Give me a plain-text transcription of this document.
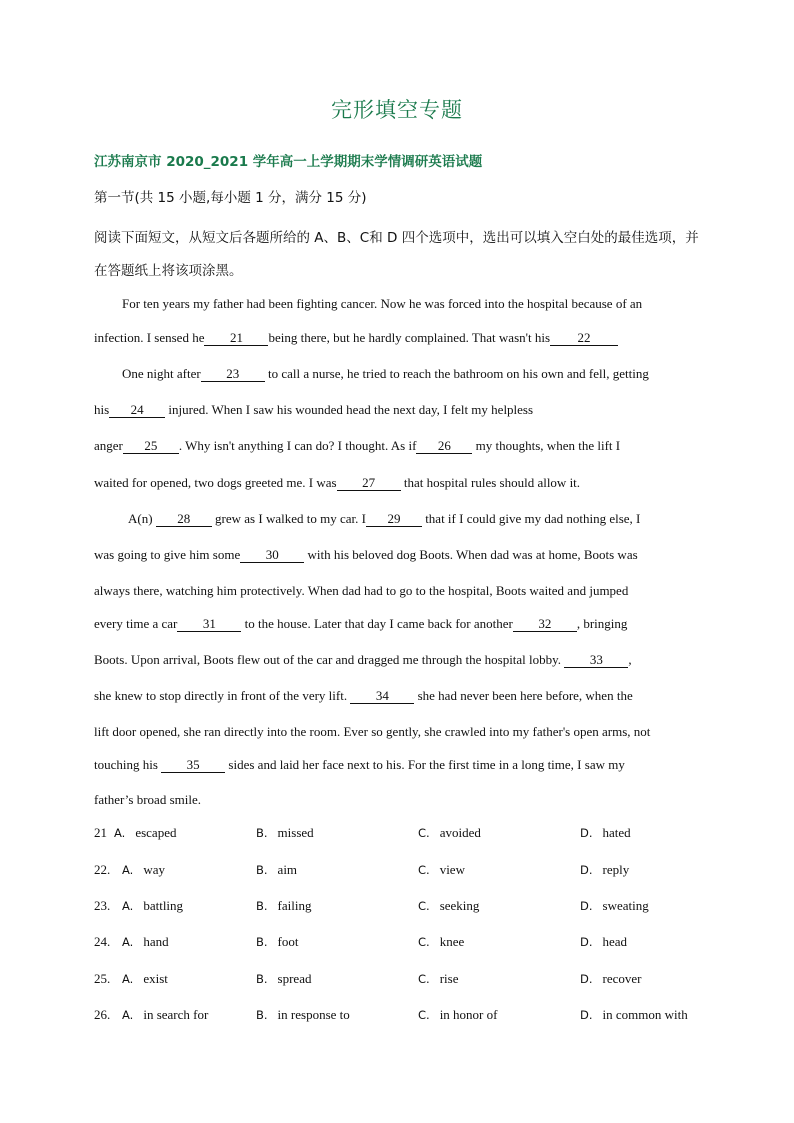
完形填空专题
江苏南京市 2020_2021 学年高一上学期期末学情调研英语试题
第一节(共 15 小题,每小题 1 分，满分 15 分)
阅读下面短文，从短文后各题所给的 A、B、C和 D 四个选项中，选出可以填入空白处的最佳选项，并在答题纸上将该项涂黑。
For ten years my father had been fighting cancer. Now he was forced into the hospital because of an
infection. I sensed he 21 being there, but he hardly complained. That wasn't his 22
One night after 23 to call a nurse, he tried to reach the bathroom on his own and fell, getting
his 24 injured. When I saw his wounded head the next day, I felt my helpless
anger 25 . Why isn't anything I can do? I thought. As if 26 my thoughts, when the lift I
waited for opened, two dogs greeted me. I was 27 that hospital rules should allow it.
A(n) 28 grew as I walked to my car. I 29 that if I could give my dad nothing else, I
was going to give him some 30 with his beloved dog Boots. When dad was at home, Boots was
always there, watching him protectively. When dad had to go to the hospital, Boots waited and jumped
every time a car 31 to the house. Later that day I came back for another 32 , bringing
Boots. Upon arrival, Boots flew out of the car and dragged me through the hospital lobby. 33 ,
she knew to stop directly in front of the very lift. 34 she had never been here before, when the
lift door opened, she ran directly into the room. Ever so gently, she crawled into my father's open arms, not
touching his 35 sides and laid her face next to his. For the first time in a long time, I saw my
father’s broad smile.
21 A. escaped	B. missed	C. avoided	D. hated
22. A. way	B. aim	C. view	D. reply
23. A. battling	B. failing	C. seeking	D. sweating
24. A. hand	B. foot	C. knee	D. head
25. A. exist	B. spread	C. rise	D. recover
26. A. in search for	B. in response to	C. in honor of	D. in common with
